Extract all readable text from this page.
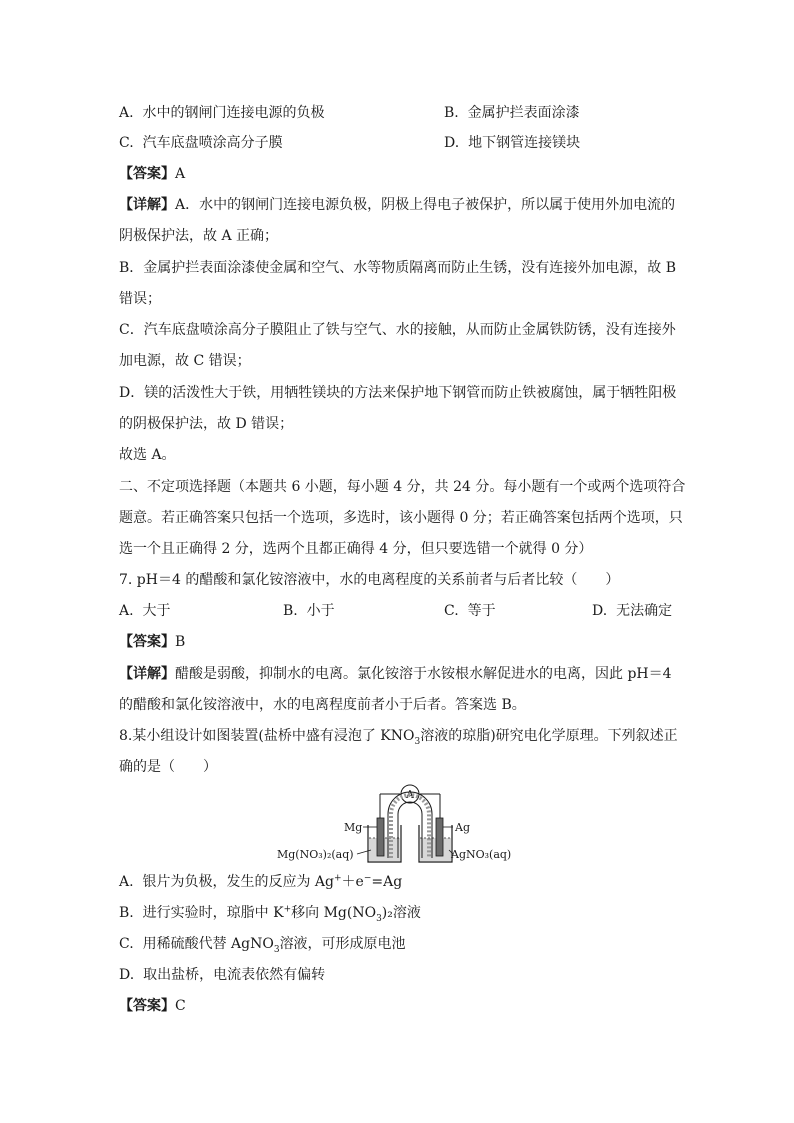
A. 水中的钢闸门连接电源的负极	B. 金属护拦表面涂漆
C. 汽车底盘喷涂高分子膜	D. 地下钢管连接镁块
【答案】A
【详解】A．水中的钢闸门连接电源负极，阴极上得电子被保护，所以属于使用外加电流的
阴极保护法，故 A 正确；
B．金属护拦表面涂漆使金属和空气、水等物质隔离而防止生锈，没有连接外加电源，故 B
错误；
C．汽车底盘喷涂高分子膜阻止了铁与空气、水的接触，从而防止金属铁防锈，没有连接外
加电源，故 C 错误；
D．镁的活泼性大于铁，用牺牲镁块的方法来保护地下钢管而防止铁被腐蚀，属于牺牲阳极
的阴极保护法，故 D 错误；
故选 A。
二、不定项选择题（本题共 6 小题，每小题 4 分，共 24 分。每小题有一个或两个选项符合
题意。若正确答案只包括一个选项，多选时，该小题得 0 分；若正确答案包括两个选项，只
选一个且正确得 2 分，选两个且都正确得 4 分，但只要选错一个就得 0 分）
7. pH＝4 的醋酸和氯化铵溶液中，水的电离程度的关系前者与后者比较（　　）
A. 大于	B. 小于	C. 等于	D. 无法确定
【答案】B
【详解】醋酸是弱酸，抑制水的电离。氯化铵溶于水铵根水解促进水的电离，因此 pH＝4
的醋酸和氯化铵溶液中，水的电离程度前者小于后者。答案选 B。
8.某小组设计如图装置(盐桥中盛有浸泡了 $KNO_3$溶液的琼脂)研究电化学原理。下列叙述正
确的是（　　）
A
Mg	Ag
Mg(NO₃)₂(aq)	AgNO₃(aq)
A. 银片为负极，发生的反应为 Ag+＋e−=Ag
B. 进行实验时，琼脂中 K+移向 $Mg(NO_3)_2$溶液
C. 用稀硫酸代替 AgNO$_3$溶液，可形成原电池
D. 取出盐桥，电流表依然有偏转
【答案】C
